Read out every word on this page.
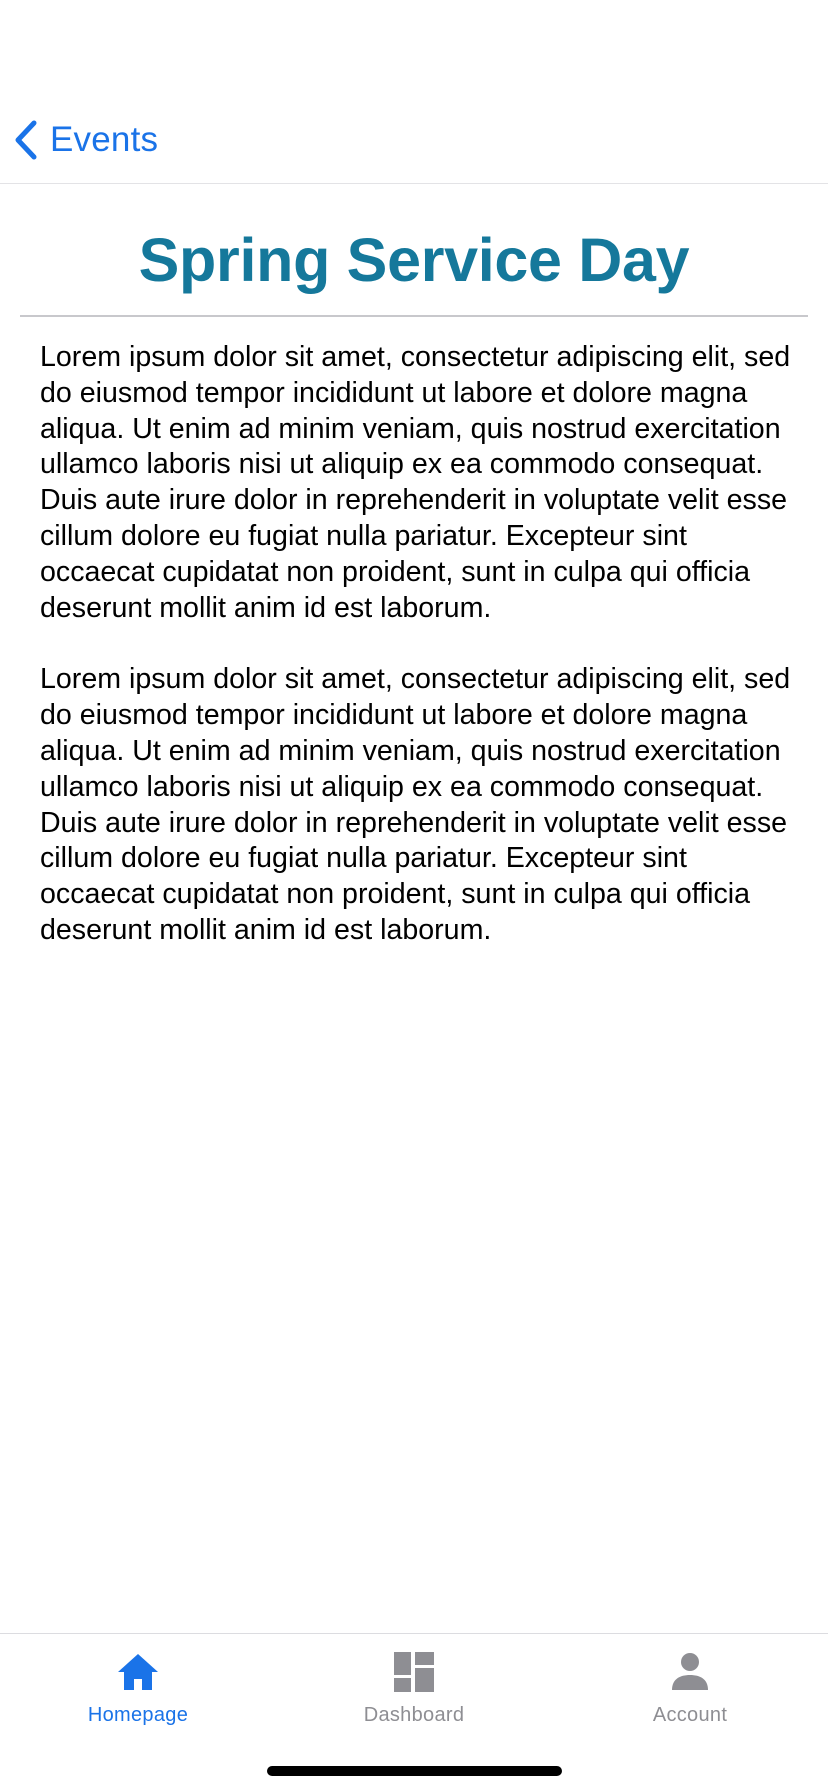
Events
Spring Service Day

Lorem ipsum dolor sit amet, consectetur adipiscing elit, sed do eiusmod tempor incididunt ut labore et dolore magna aliqua. Ut enim ad minim veniam, quis nostrud exercitation ullamco laboris nisi ut aliquip ex ea commodo consequat. Duis aute irure dolor in reprehenderit in voluptate velit esse cillum dolore eu fugiat nulla pariatur. Excepteur sint occaecat cupidatat non proident, sunt in culpa qui officia deserunt mollit anim id est laborum.

Lorem ipsum dolor sit amet, consectetur adipiscing elit, sed do eiusmod tempor incididunt ut labore et dolore magna aliqua. Ut enim ad minim veniam, quis nostrud exercitation ullamco laboris nisi ut aliquip ex ea commodo consequat. Duis aute irure dolor in reprehenderit in voluptate velit esse cillum dolore eu fugiat nulla pariatur. Excepteur sint occaecat cupidatat non proident, sunt in culpa qui officia deserunt mollit anim id est laborum.

Homepage	Dashboard	Account
